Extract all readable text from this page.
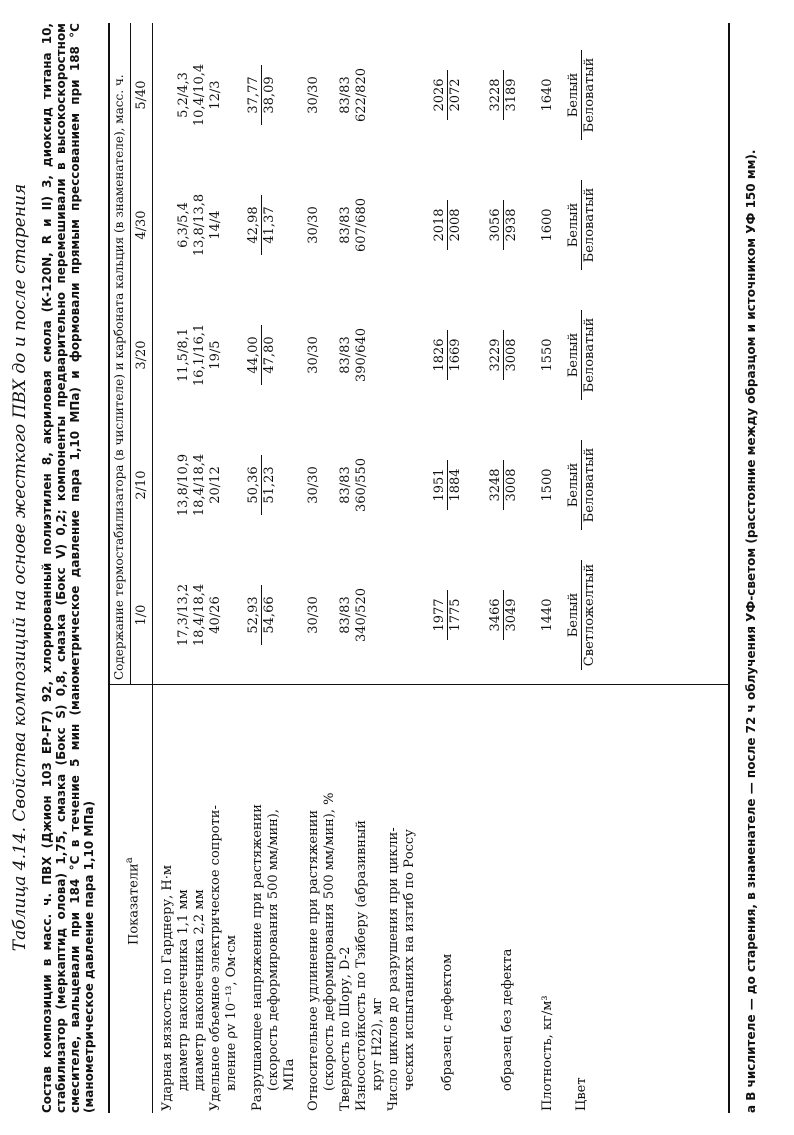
Таблица 4.14. Свойства композиций на основе жесткого ПВХ до и после старения Состав композиции в масс. ч. ПВХ (Джион 103 EP-F7) 92, хлорированный полиэтилен 8, акриловая смола (К-120N, R и II) 3, диоксид титана 10, стабилизатор (меркаптид олова) 1,75, смазка (Бокс S) 0,8, смазка (Бокс V) 0,2; компоненты предварительно перемешивали в высокоскоростном смесителе, вальцевали при 184 °С в течение 5 мин (манометрическое давление пара 1,10 МПа) и формовали прямым прессованием при 188 °С (манометрическое давление пара 1,10 МПа)	Показатели$^а$
Содержание термостабилизатора (в числителе) и карбоната кальция (в знаменателе), масс. ч. 1/0
2/10
3/20
4/30
5/40
Ударная вязкость по Гарднеру, Н·м диаметр наконечника 1,1 мм диаметр наконечника 2,2 мм Удельное объемное электрическое сопроти- вление ρv 10⁻¹³, Ом·см Разрушающее напряжение при растяжении (скорость деформирования 500 мм/мин), МПа Относительное удлинение при растяжении (скорость деформирования 500 мм/мин), % Твердость по Шору, D-2 Износостойкость по Тэйберу (абразивный круг Н22), мг Число циклов до разрушения при цикли- ческих испытаниях на изгиб по Россу образец с дефектом	образец без дефекта Плотность, кг/м³ Цвет
17,3/13,2
13,8/10,9
11,5/8,1
6,3/5,4
5,2/4,3
18,4/18,4
18,4/18,4
16,1/16,1
13,8/13,8
10,4/10,4
40/26
20/12
19/5
14/4
12/3
52,93 54,66
50,36 51,23
44,00 47,80
42,98 41,37
37,77 38,09
30/30
30/30
30/30
30/30
30/30
83/83
83/83
83/83
83/83
83/83
340/520
360/550
390/640
607/680
622/820
1977 1775
1951 1884
1826 1669
2018 2008
2026 2072
3466 3049
3248 3008
3229 3008
3056 2938
3228 3189
1440
1500
1550
1600
1640
Белый Светложелтый
Белый Беловатый
Белый Беловатый
Белый Беловатый
Белый Беловатый
а В числителе — до старения, в знаменателе — после 72 ч облучения УФ-светом (расстояние между образцом и источником УФ 150 мм).
